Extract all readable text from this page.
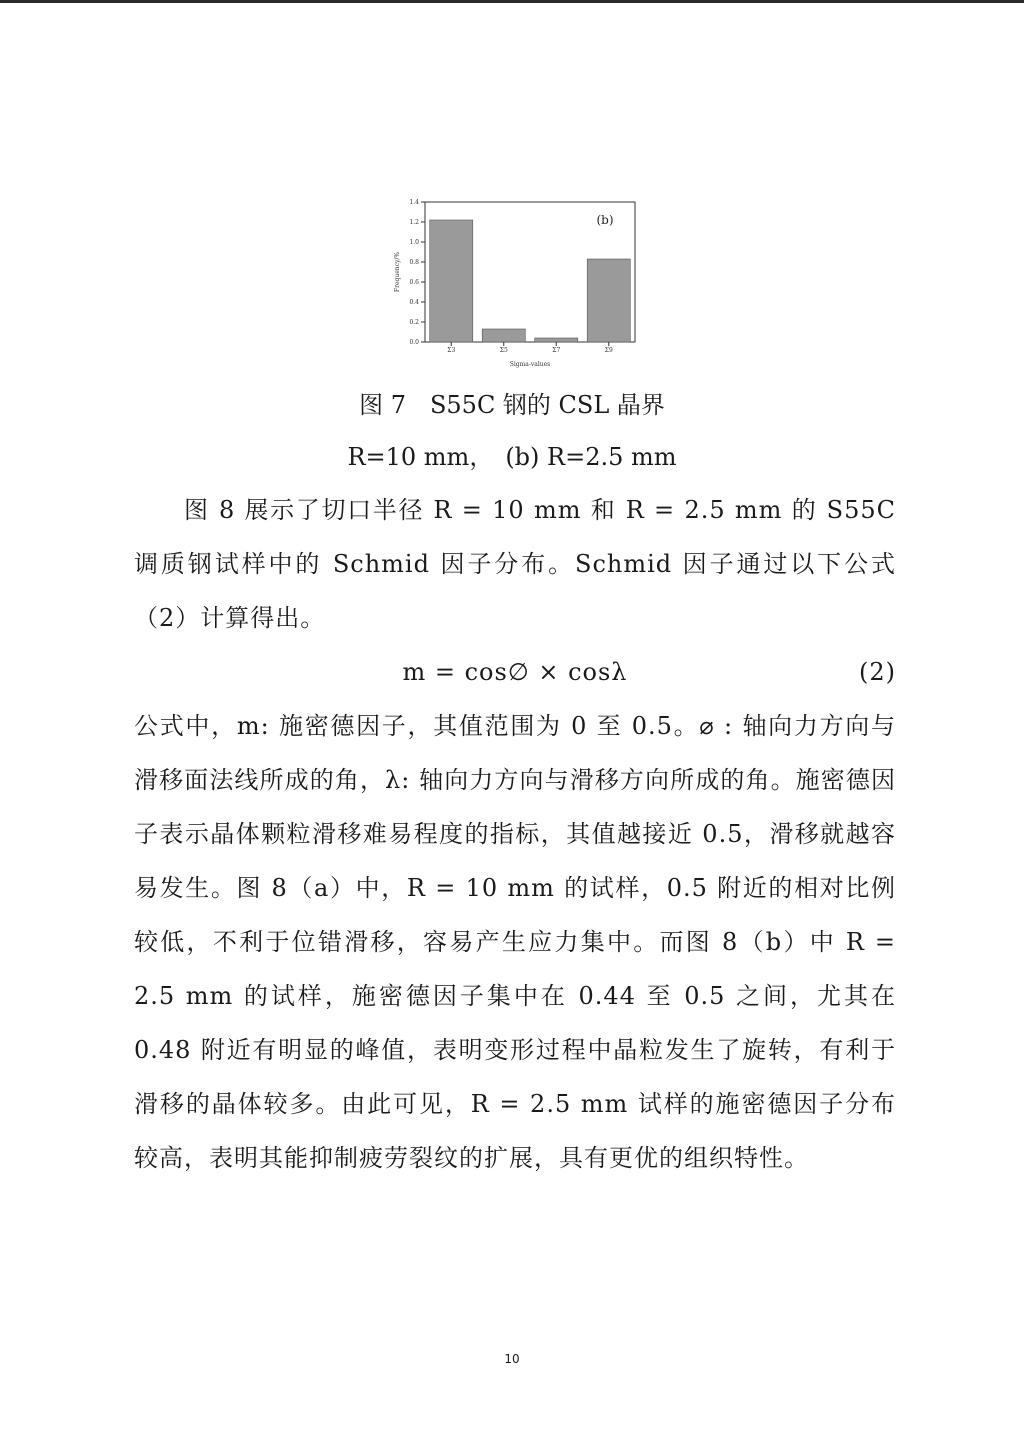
0.0
0.2
0.4
0.6
0.8
1.0
1.2
1.4
Σ3	Σ5	Σ7	Σ9
Sigma-values
Frequency/%
(b)
图 7　S55C 钢的 CSL 晶界
R=10 mm，　(b) R=2.5 mm

图 8 展示了切口半径 R = 10 mm 和 R = 2.5 mm 的 S55C 调质钢试样中的 Schmid 因子分布。Schmid 因子通过以下公式（2）计算得出。

m = cos∅ × cosλ	(2)

公式中，m: 施密德因子，其值范围为 0 至 0.5。⌀ : 轴向力方向与滑移面法线所成的角，λ: 轴向力方向与滑移方向所成的角。施密德因子表示晶体颗粒滑移难易程度的指标，其值越接近 0.5，滑移就越容易发生。图 8（a）中，R = 10 mm 的试样，0.5 附近的相对比例较低，不利于位错滑移，容易产生应力集中。而图 8（b）中 R = 2.5 mm 的试样，施密德因子集中在 0.44 至 0.5 之间，尤其在 0.48 附近有明显的峰值，表明变形过程中晶粒发生了旋转，有利于滑移的晶体较多。由此可见，R = 2.5 mm 试样的施密德因子分布较高，表明其能抑制疲劳裂纹的扩展，具有更优的组织特性。

10
